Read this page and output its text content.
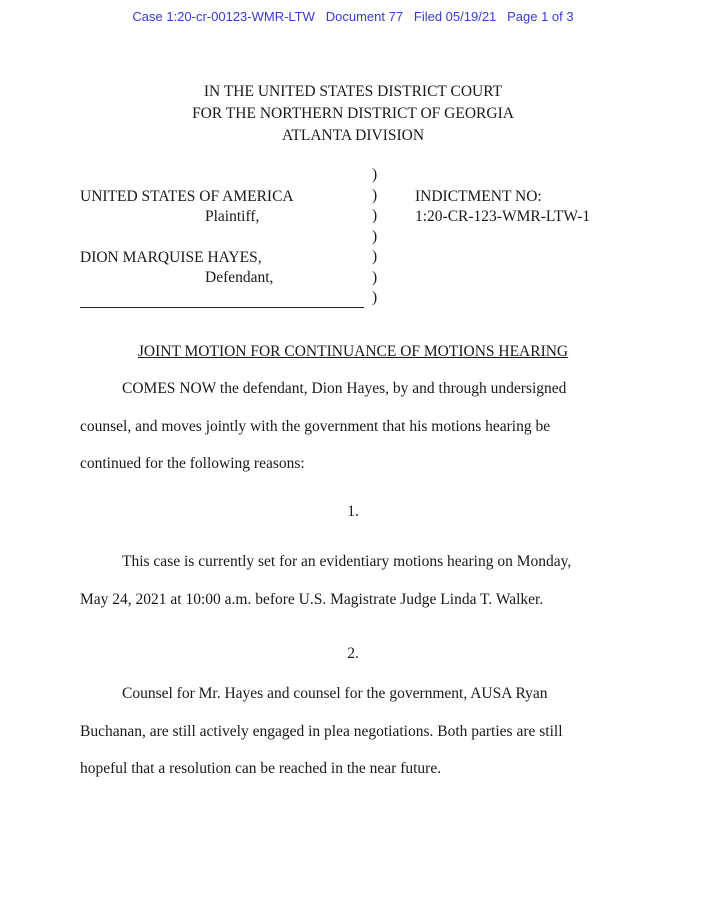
Case 1:20-cr-00123-WMR-LTW   Document 77   Filed 05/19/21   Page 1 of 3
IN THE UNITED STATES DISTRICT COURT
FOR THE NORTHERN DISTRICT OF GEORGIA
ATLANTA DIVISION
UNITED STATES OF AMERICA
Plaintiff,
DION MARQUISE HAYES,
Defendant,
)
)
)
)
)
)
)
INDICTMENT NO:
1:20-CR-123-WMR-LTW-1
JOINT MOTION FOR CONTINUANCE OF MOTIONS HEARING
COMES NOW the defendant, Dion Hayes, by and through undersigned
counsel, and moves jointly with the government that his motions hearing be
continued for the following reasons:
1.
This case is currently set for an evidentiary motions hearing on Monday,
May 24, 2021 at 10:00 a.m. before U.S. Magistrate Judge Linda T. Walker.
2.
Counsel for Mr. Hayes and counsel for the government, AUSA Ryan
Buchanan, are still actively engaged in plea negotiations. Both parties are still
hopeful that a resolution can be reached in the near future.
